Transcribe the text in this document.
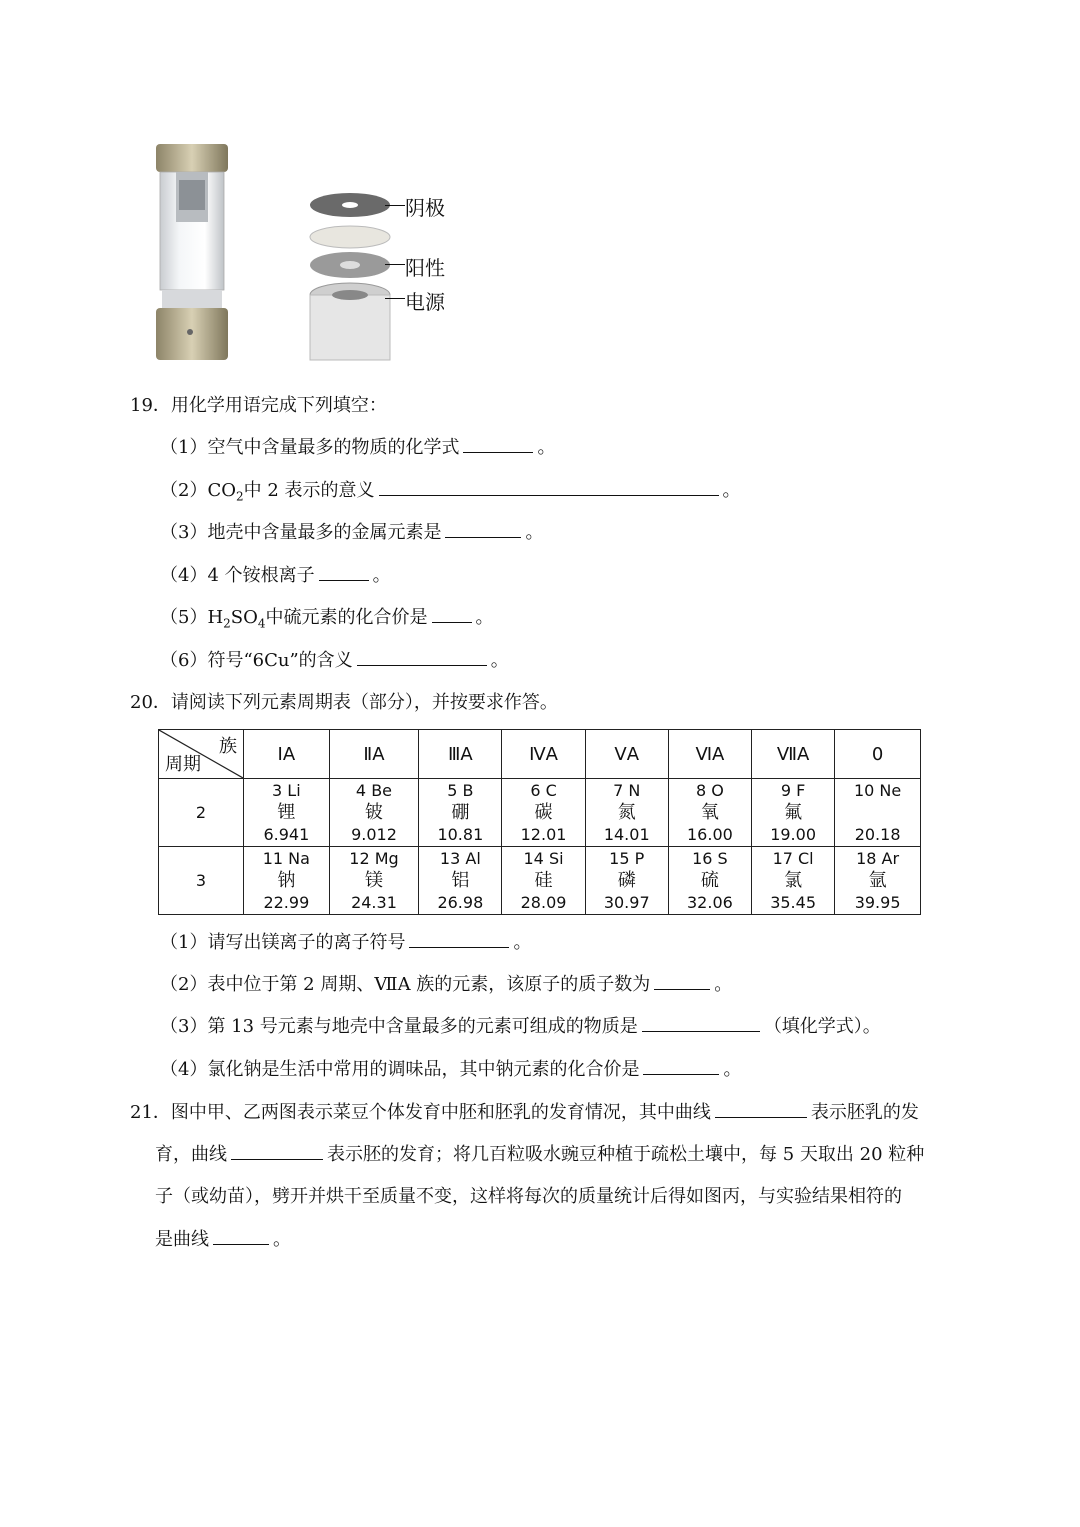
阴极
阳性
电源
19．用化学用语完成下列填空：
（1）空气中含量最多的物质的化学式	。
$(2)CO_2$中 2 表示的意义	。
（3）地壳中含量最多的金属元素是	。
（4）4 个铵根离子	。
$(5)H_2SO_4$中硫元素的化合价是	。
（6）符号“6Cu”的含义	。
20．请阅读下列元素周期表（部分），并按要求作答。
族
周期	ⅠA	ⅡA	ⅢA	ⅣA	ⅤA	ⅥA	ⅦA	0
2	3 Li
锂
6.941	4 Be
铍
9.012	5 B
硼
10.81	6 C
碳
12.01	7 N
氮
14.01	8 O
氧
16.00	9 F
氟
19.00	10 Ne
20.18

3	11 Na
钠
22.99	12 Mg
镁
24.31	13 Al
铝
26.98	14 Si
硅
28.09	15 P
磷
30.97	16 S
硫
32.06	17 Cl
氯
35.45	18 Ar
氩
39.95
（1）请写出镁离子的离子符号	。
（2）表中位于第 2 周期、ⅦA 族的元素，该原子的质子数为	。
（3）第 13 号元素与地壳中含量最多的元素可组成的物质是	（填化学式）。
（4）氯化钠是生活中常用的调味品，其中钠元素的化合价是	。
21．图中甲、乙两图表示菜豆个体发育中胚和胚乳的发育情况，其中曲线	表示胚乳的发
育，曲线	表示胚的发育；将几百粒吸水豌豆种植于疏松土壤中，每 5 天取出 20 粒种
子（或幼苗），劈开并烘干至质量不变，这样将每次的质量统计后得如图丙，与实验结果相符的
是曲线	。
